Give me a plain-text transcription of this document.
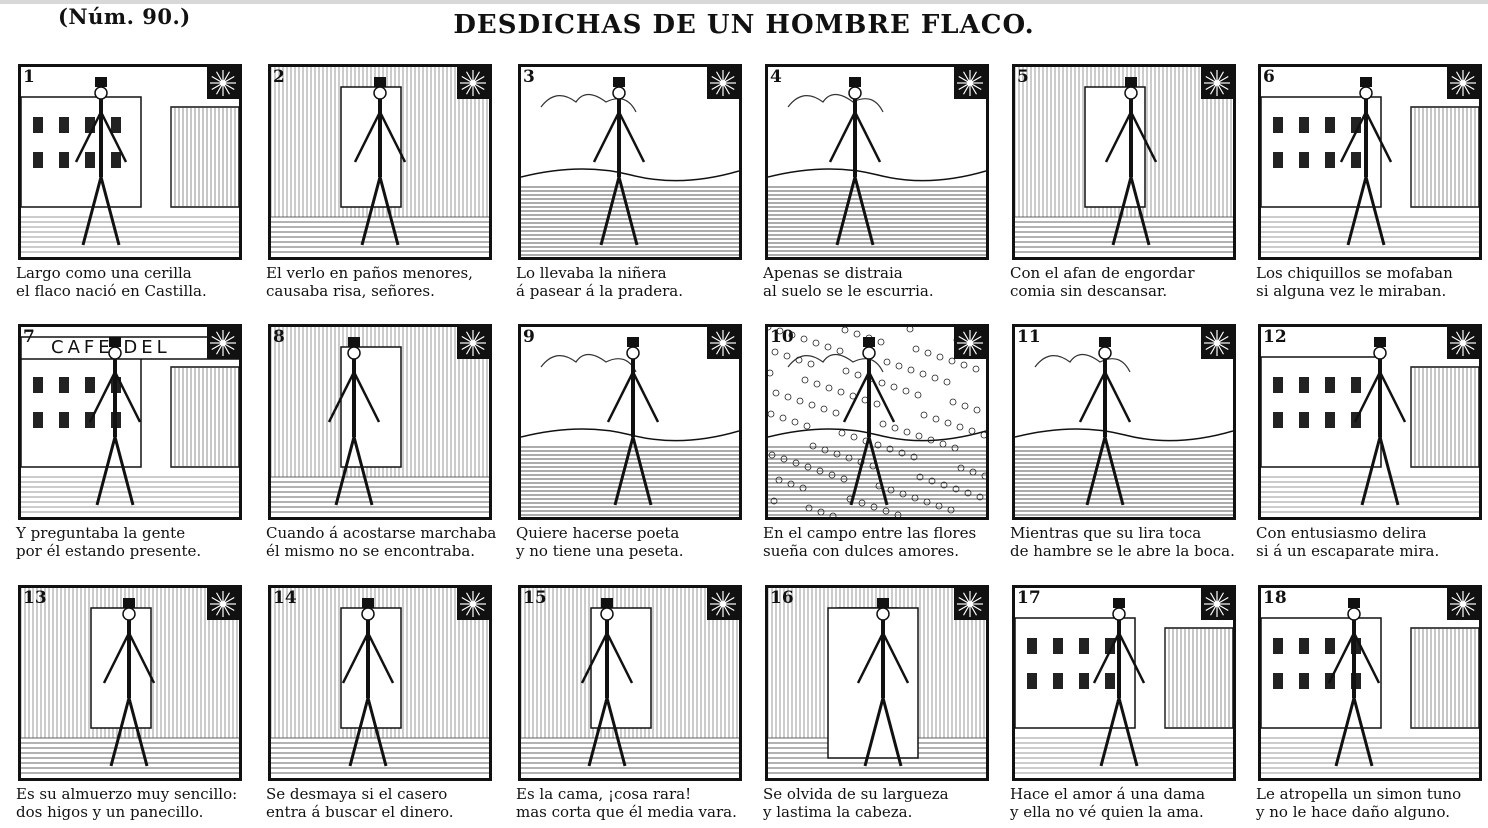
(Núm. 90.)	DESDICHAS DE UN HOMBRE FLACO.
1
Largo como una cerilla
el flaco nació en Castilla.
2
El verlo en paños menores,
causaba risa, señores.
3
Lo llevaba la niñera
á pasear á la pradera.
4
Apenas se distraia
al suelo se le escurria.
5
Con el afan de engordar
comia sin descansar.
6
Los chiquillos se mofaban
si alguna vez le miraban.
CAFE DEL
7
Y preguntaba la gente
por él estando presente.
8
Cuando á acostarse marchaba
él mismo no se encontraba.
9
Quiere hacerse poeta
y no tiene una peseta.
10
En el campo entre las flores
sueña con dulces amores.
11
Mientras que su lira toca
de hambre se le abre la boca.
12
Con entusiasmo delira
si á un escaparate mira.
13
Es su almuerzo muy sencillo:
dos higos y un panecillo.
14
Se desmaya si el casero
entra á buscar el dinero.
15
Es la cama, ¡cosa rara!
mas corta que él media vara.
16
Se olvida de su largueza
y lastima la cabeza.
17
Hace el amor á una dama
y ella no vé quien la ama.
18
Le atropella un simon tuno
y no le hace daño alguno.
